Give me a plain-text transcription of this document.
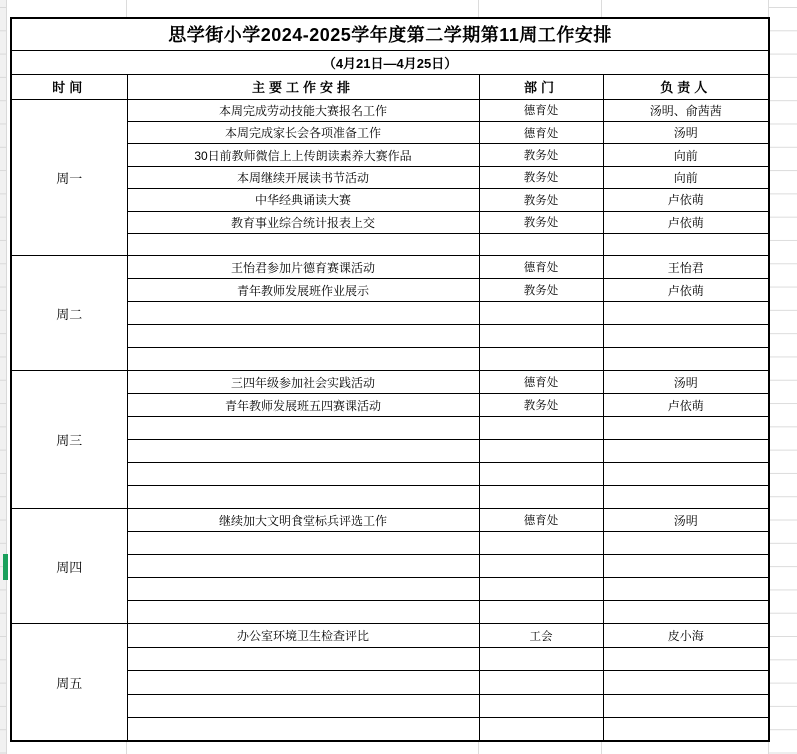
思学街小学2024-2025学年度第二学期第11周工作安排			
（4月21日—4月25日）			
时间	主要工作安排	部门	负责人
周一	本周完成劳动技能大赛报名工作	德育处	汤明、俞茜茜
	本周完成家长会各项准备工作	德育处	汤明
	30日前教师微信上上传朗读素养大赛作品	教务处	向前
	本周继续开展读书节活动	教务处	向前
	中华经典诵读大赛	教务处	卢依萌
	教育事业综合统计报表上交	教务处	卢依萌

周二	王怡君参加片德育赛课活动	德育处	王怡君
	青年教师发展班作业展示	教务处	卢依萌

周三	三四年级参加社会实践活动	德育处	汤明
	青年教师发展班五四赛课活动	教务处	卢依萌

周四	继续加大文明食堂标兵评选工作	德育处	汤明

周五	办公室环境卫生检查评比	工会	皮小海
